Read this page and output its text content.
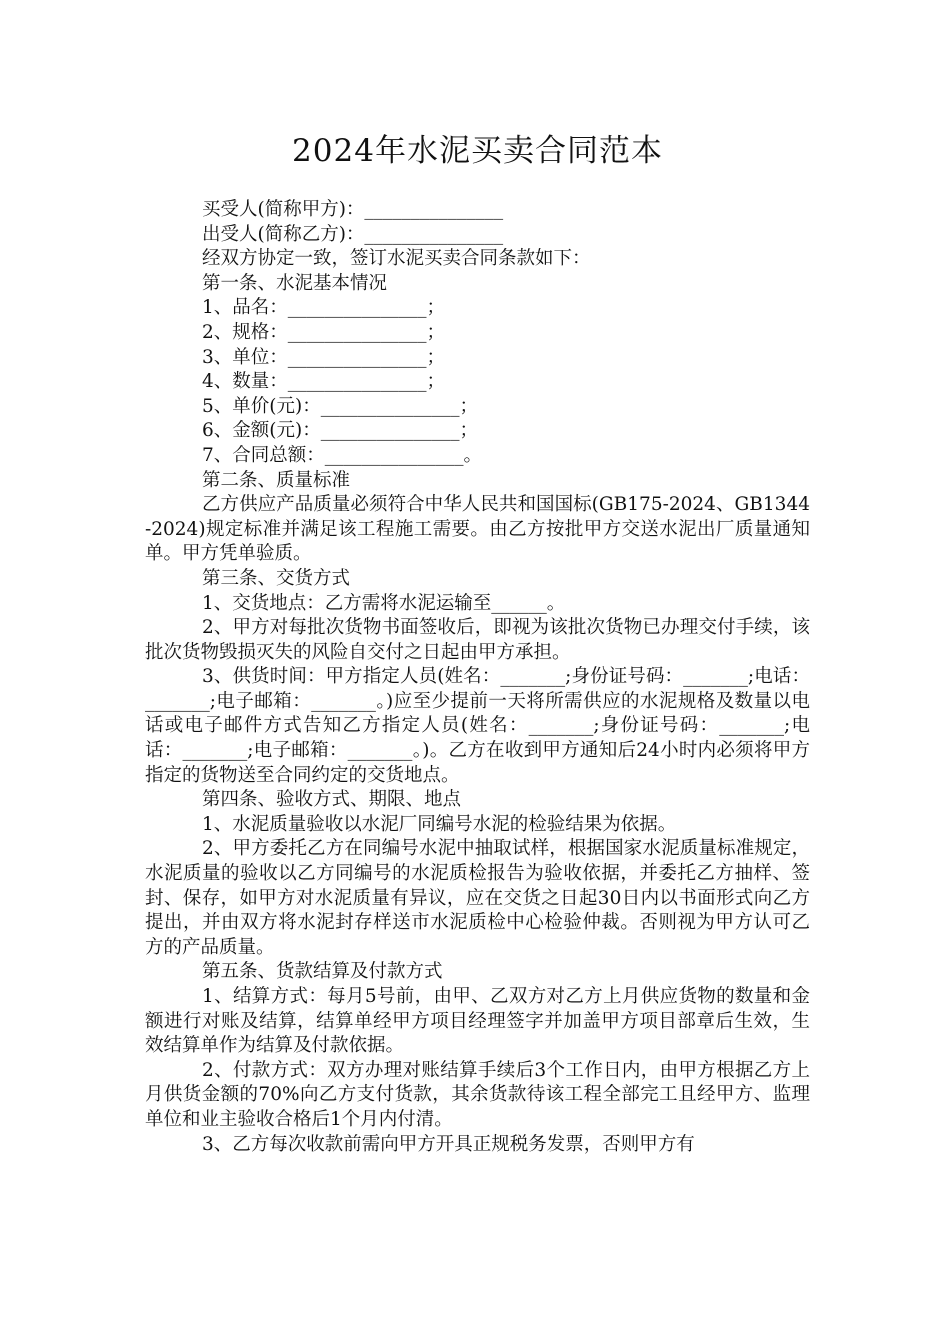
2024年水泥买卖合同范本

买受人(简称甲方)：_______________

出受人(简称乙方)：_______________

经双方协定一致，签订水泥买卖合同条款如下：

第一条、水泥基本情况

1、品名：_______________；

2、规格：_______________；

3、单位：_______________；

4、数量：_______________；

5、单价(元)：_______________；

6、金额(元)：_______________；

7、合同总额：_______________。

第二条、质量标准

乙方供应产品质量必须符合中华人民共和国国标(GB175-2024、GB1344-2024)规定标准并满足该工程施工需要。由乙方按批甲方交送水泥出厂质量通知单。甲方凭单验质。

第三条、交货方式

1、交货地点：乙方需将水泥运输至______。

2、甲方对每批次货物书面签收后，即视为该批次货物已办理交付手续，该批次货物毁损灭失的风险自交付之日起由甲方承担。

3、供货时间：甲方指定人员(姓名：_______;身份证号码：_______;电话：_______;电子邮箱：_______。)应至少提前一天将所需供应的水泥规格及数量以电话或电子邮件方式告知乙方指定人员(姓名：_______;身份证号码：_______;电话：_______;电子邮箱：_______。)。乙方在收到甲方通知后24小时内必须将甲方指定的货物送至合同约定的交货地点。

第四条、验收方式、期限、地点

1、水泥质量验收以水泥厂同编号水泥的检验结果为依据。

2、甲方委托乙方在同编号水泥中抽取试样，根据国家水泥质量标准规定，水泥质量的验收以乙方同编号的水泥质检报告为验收依据，并委托乙方抽样、签封、保存，如甲方对水泥质量有异议，应在交货之日起30日内以书面形式向乙方提出，并由双方将水泥封存样送市水泥质检中心检验仲裁。否则视为甲方认可乙方的产品质量。

第五条、货款结算及付款方式

1、结算方式：每月5号前，由甲、乙双方对乙方上月供应货物的数量和金额进行对账及结算，结算单经甲方项目经理签字并加盖甲方项目部章后生效，生效结算单作为结算及付款依据。

2、付款方式：双方办理对账结算手续后3个工作日内，由甲方根据乙方上月供货金额的70%向乙方支付货款，其余货款待该工程全部完工且经甲方、监理单位和业主验收合格后1个月内付清。

3、乙方每次收款前需向甲方开具正规税务发票，否则甲方有
